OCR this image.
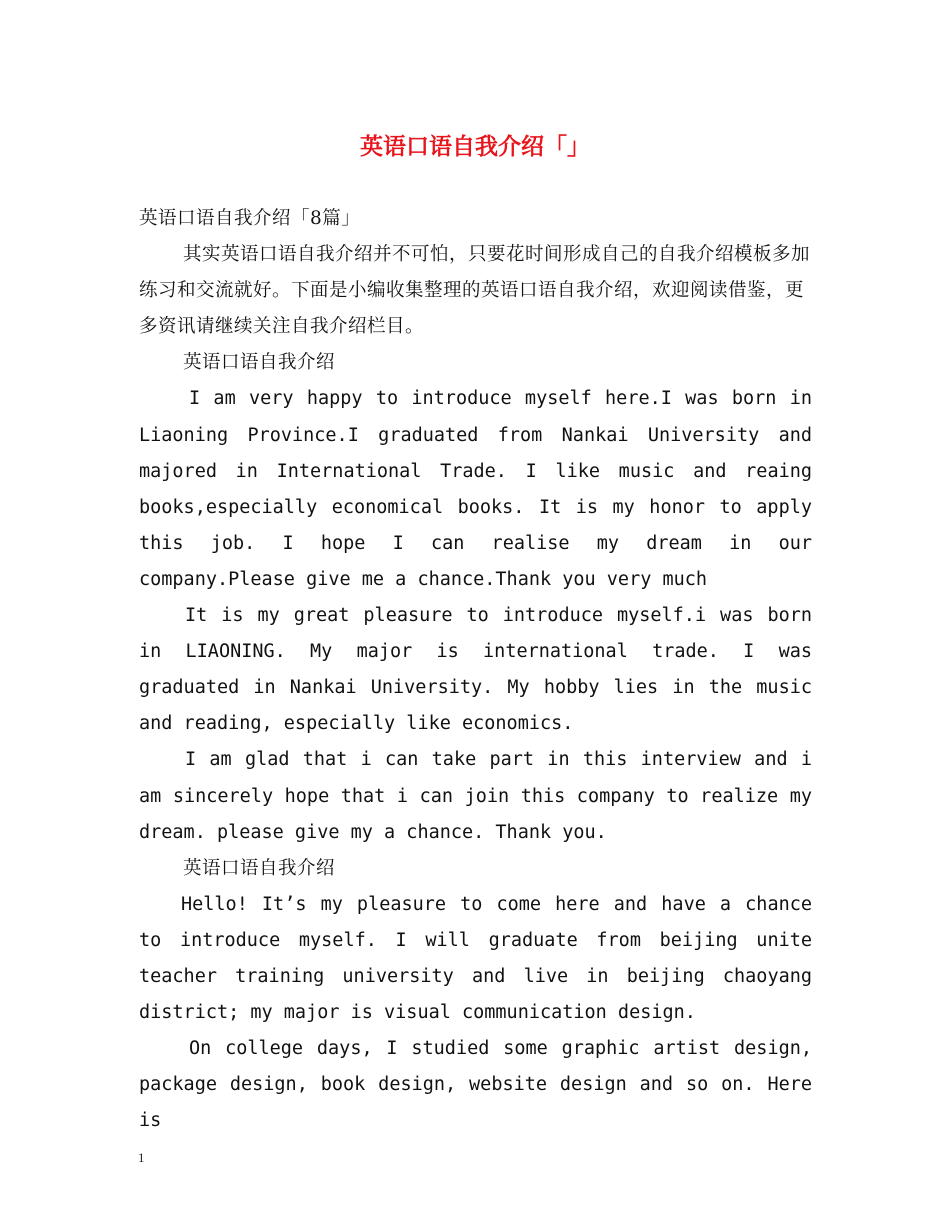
英语口语自我介绍「」

英语口语自我介绍「8篇」

其实英语口语自我介绍并不可怕，只要花时间形成自己的自我介绍模板多加练习和交流就好。下面是小编收集整理的英语口语自我介绍，欢迎阅读借鉴，更多资讯请继续关注自我介绍栏目。

英语口语自我介绍

I am very happy to introduce myself here.I was born in Liaoning Province.I graduated from Nankai University and majored in International Trade. I like music and reaing books,especially economical books. It is my honor to apply this job. I hope I can realise my dream in our company.Please give me a chance.Thank you very much

It is my great pleasure to introduce myself.i was born in LIAONING. My major is international trade. I was graduated in Nankai University. My hobby lies in the music and reading, especially like economics.

I am glad that i can take part in this interview and i am sincerely hope that i can join this company to realize my dream. please give my a chance. Thank you.

英语口语自我介绍

Hello! It’s my pleasure to come here and have a chance to introduce myself. I will graduate from beijing unite teacher training university and live in beijing chaoyang district; my major is visual communication design.

On college days, I studied some graphic artist design, package design, book design, website design and so on. Here is

1
